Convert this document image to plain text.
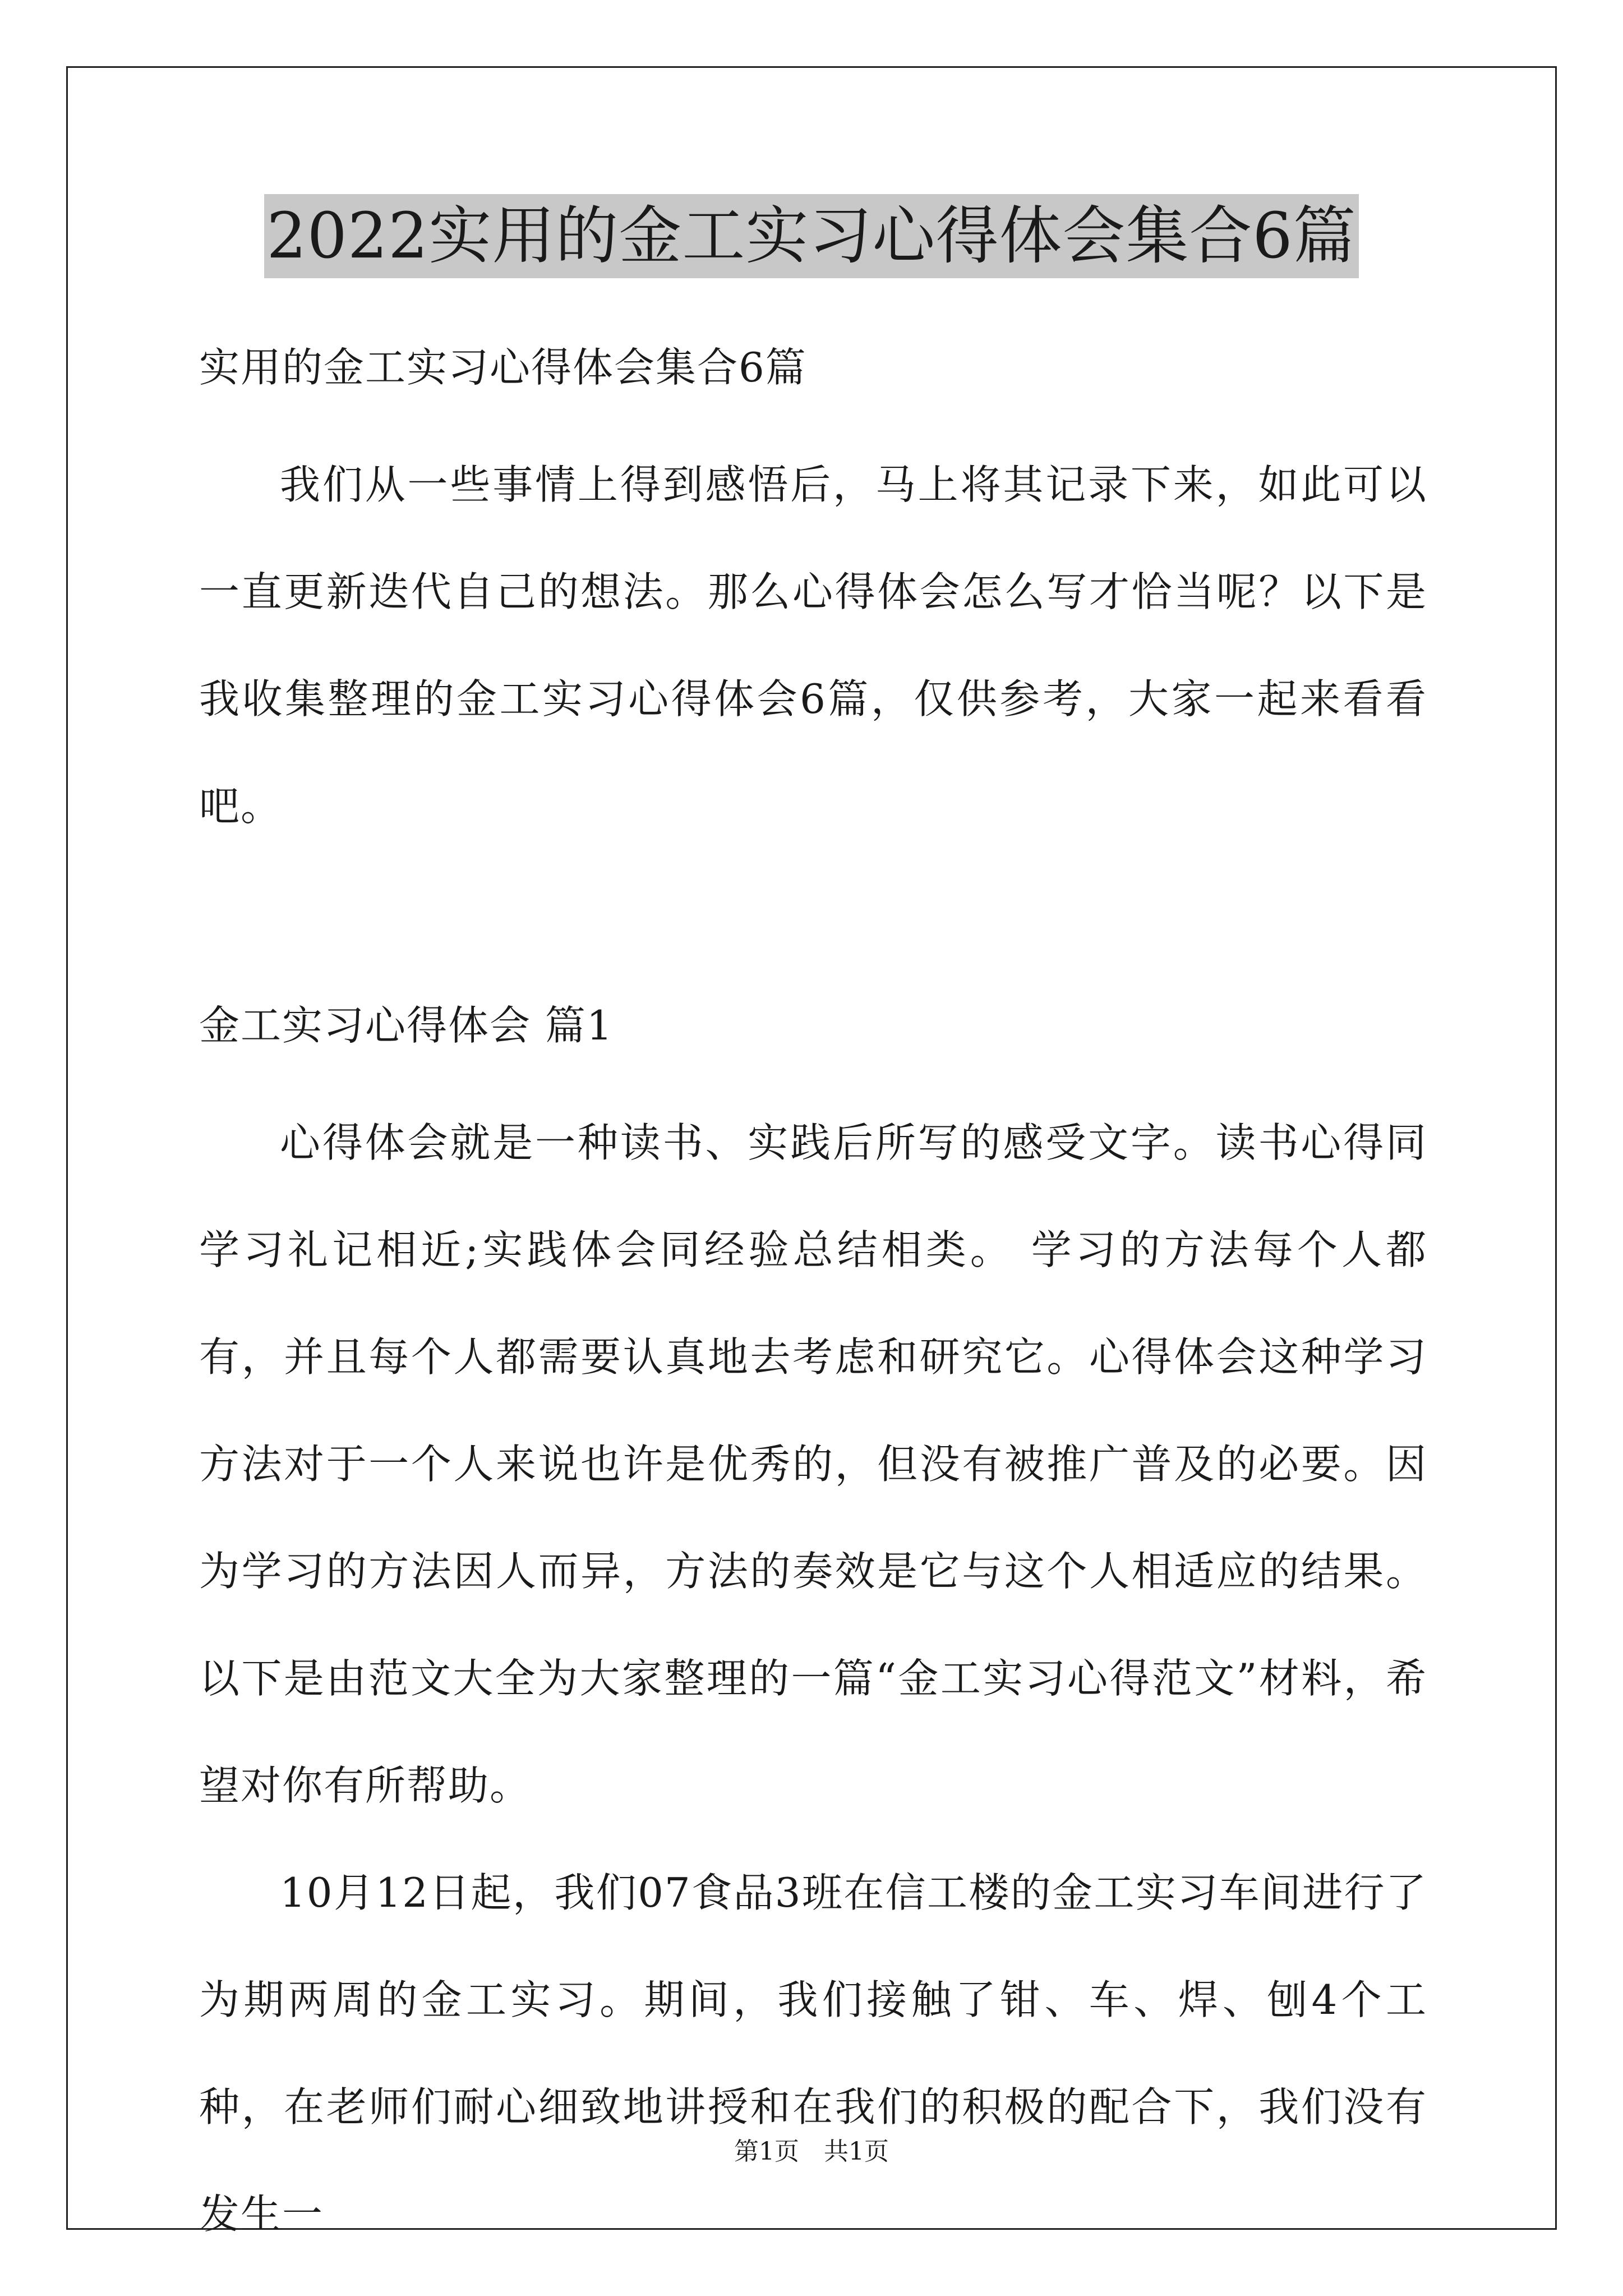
2022实用的金工实习心得体会集合6篇

实用的金工实习心得体会集合6篇

我们从一些事情上得到感悟后，马上将其记录下来，如此可以一直更新迭代自己的想法。那么心得体会怎么写才恰当呢？以下是我收集整理的金工实习心得体会6篇，仅供参考，大家一起来看看吧。

金工实习心得体会 篇1

心得体会就是一种读书、实践后所写的感受文字。读书心得同学习礼记相近;实践体会同经验总结相类。 学习的方法每个人都有，并且每个人都需要认真地去考虑和研究它。心得体会这种学习方法对于一个人来说也许是优秀的，但没有被推广普及的必要。因为学习的方法因人而异，方法的奏效是它与这个人相适应的结果。以下是由范文大全为大家整理的一篇“金工实习心得范文”材料，希望对你有所帮助。

10月12日起，我们07食品3班在信工楼的金工实习车间进行了为期两周的金工实习。期间，我们接触了钳、车、焊、刨4个工种，在老师们耐心细致地讲授和在我们的积极的配合下，我们没有发生一

第1页　共1页
